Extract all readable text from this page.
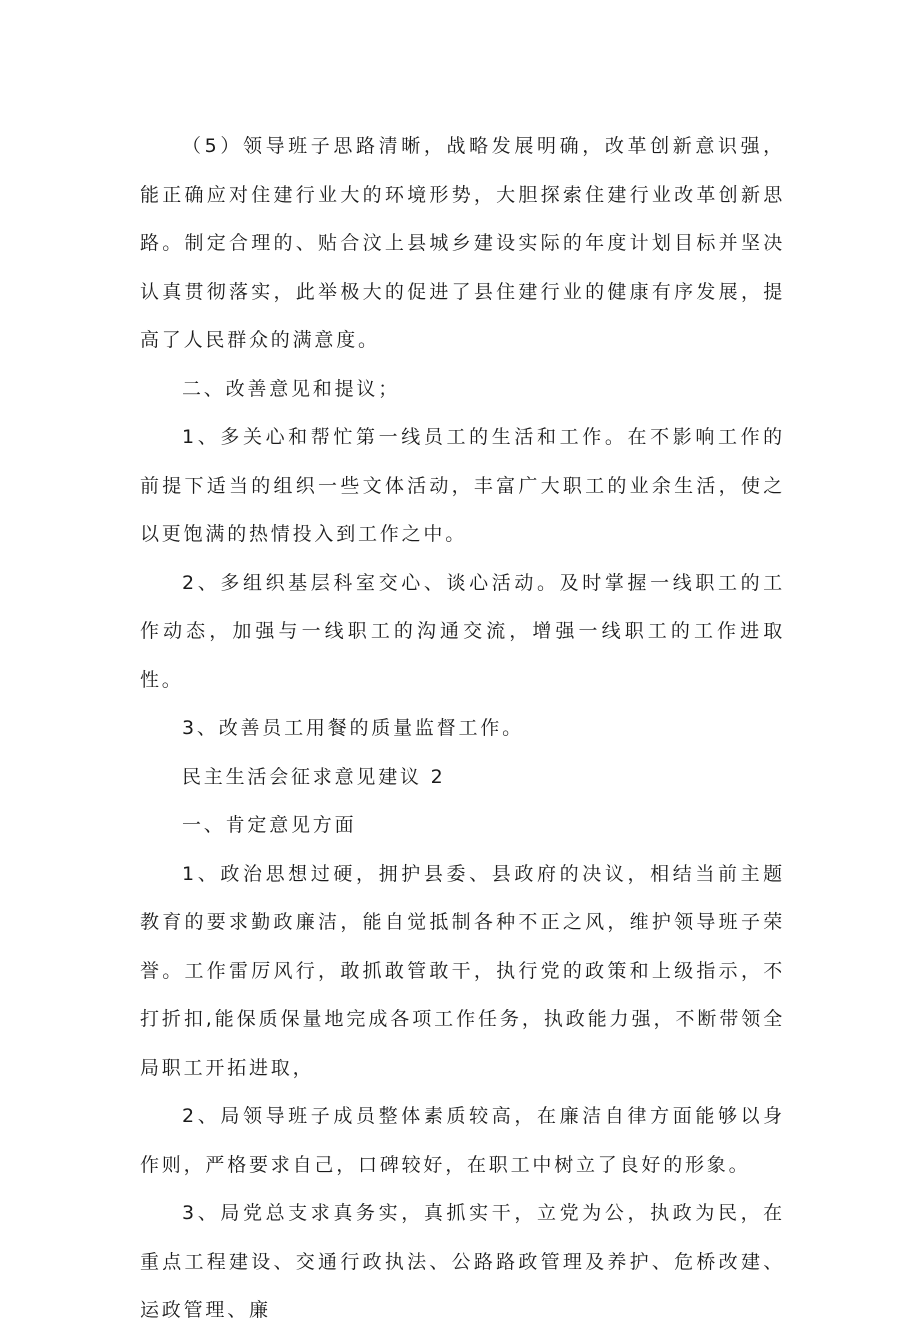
（5）领导班子思路清晰，战略发展明确，改革创新意识强，能正确应对住建行业大的环境形势，大胆探索住建行业改革创新思路。制定合理的、贴合汶上县城乡建设实际的年度计划目标并坚决认真贯彻落实，此举极大的促进了县住建行业的健康有序发展，提高了人民群众的满意度。

二、改善意见和提议；

1、多关心和帮忙第一线员工的生活和工作。在不影响工作的前提下适当的组织一些文体活动，丰富广大职工的业余生活，使之以更饱满的热情投入到工作之中。

2、多组织基层科室交心、谈心活动。及时掌握一线职工的工作动态，加强与一线职工的沟通交流，增强一线职工的工作进取性。

3、改善员工用餐的质量监督工作。

民主生活会征求意见建议 2

一、肯定意见方面

1、政治思想过硬，拥护县委、县政府的决议，相结当前主题教育的要求勤政廉洁，能自觉抵制各种不正之风，维护领导班子荣誉。工作雷厉风行，敢抓敢管敢干，执行党的政策和上级指示，不打折扣,能保质保量地完成各项工作任务，执政能力强，不断带领全局职工开拓进取，

2、局领导班子成员整体素质较高，在廉洁自律方面能够以身作则，严格要求自己，口碑较好，在职工中树立了良好的形象。

3、局党总支求真务实，真抓实干，立党为公，执政为民，在重点工程建设、交通行政执法、公路路政管理及养护、危桥改建、运政管理、廉
